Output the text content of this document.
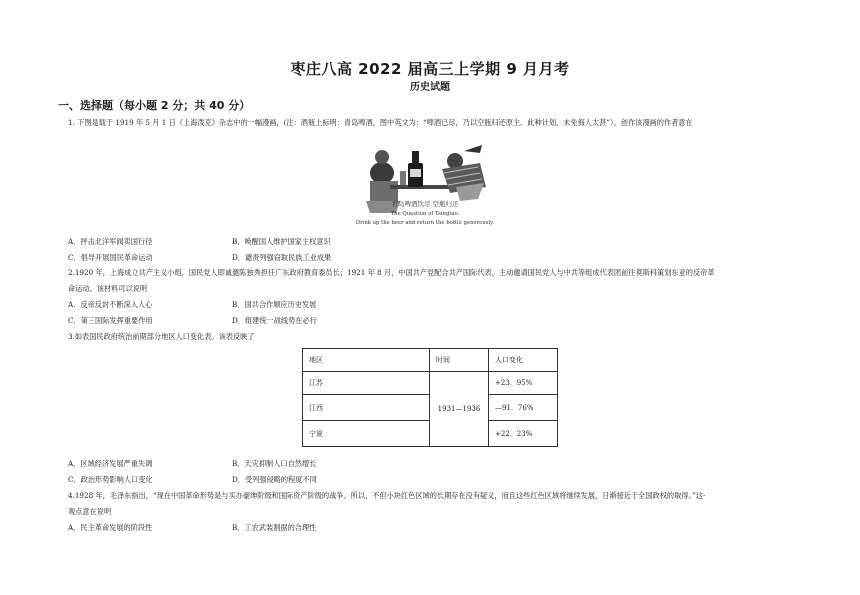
枣庄八高 2022 届高三上学期 9 月月考
历史试题
一、选择题（每小题 2 分；共 40 分）
1. 下图是载于 1919 年 5 月 1 日《上海泼克》杂志中的一幅漫画，(注：酒瓶上标明：青岛啤酒，图中英文为：“啤酒已尽，乃以空瓶归还原主。此种计划，未免侮人太甚”）。创作该漫画的作者意在
青岛啤酒饮尽 空瓶归还
The Question of Tsingtao.
Drink up the beer and return the bottle generously.
A．抨击北洋军阀卖国行径	B．唤醒国人维护国家主权意识
C．倡导开展国民革命运动	D．谴责列强窃取民族工业成果
2.1920 年，上海成立共产主义小组，国民党人即诚邀陈独秀担任广东政府教育委员长；1921 年 8 月，中国共产党配合共产国际代表，主动邀请国民党人与中共等组成代表团前往莫斯科策划东亚的反帝革
命运动。该材料可以说明
A．反帝反封不断深入人心	B．国共合作顺应历史发展
C．第三国际发挥重要作用	D．组建统一战线势在必行
3.如表国民政府统治前期部分地区人口变化表。该表反映了
地区	时间	人口变化
江苏	1931—1936	+23．95%
江西		—91．76%
宁夏		+22．23%
A．区域经济发展严重失调	B．天灾抑制人口自然增长
C．政治形势影响人口变化	D．受列强侵略的程度不同
4.1928 年，毛泽东指出，“现在中国革命形势是与买办豪绅阶级和国际资产阶级的战争。所以，不但小块红色区域的长期存在没有疑义，而且这些红色区域将继续发展，日渐接近于全国政权的取得。”这-
观点意在说明
A．民主革命发展的阶段性	B．工农武装割据的合理性
